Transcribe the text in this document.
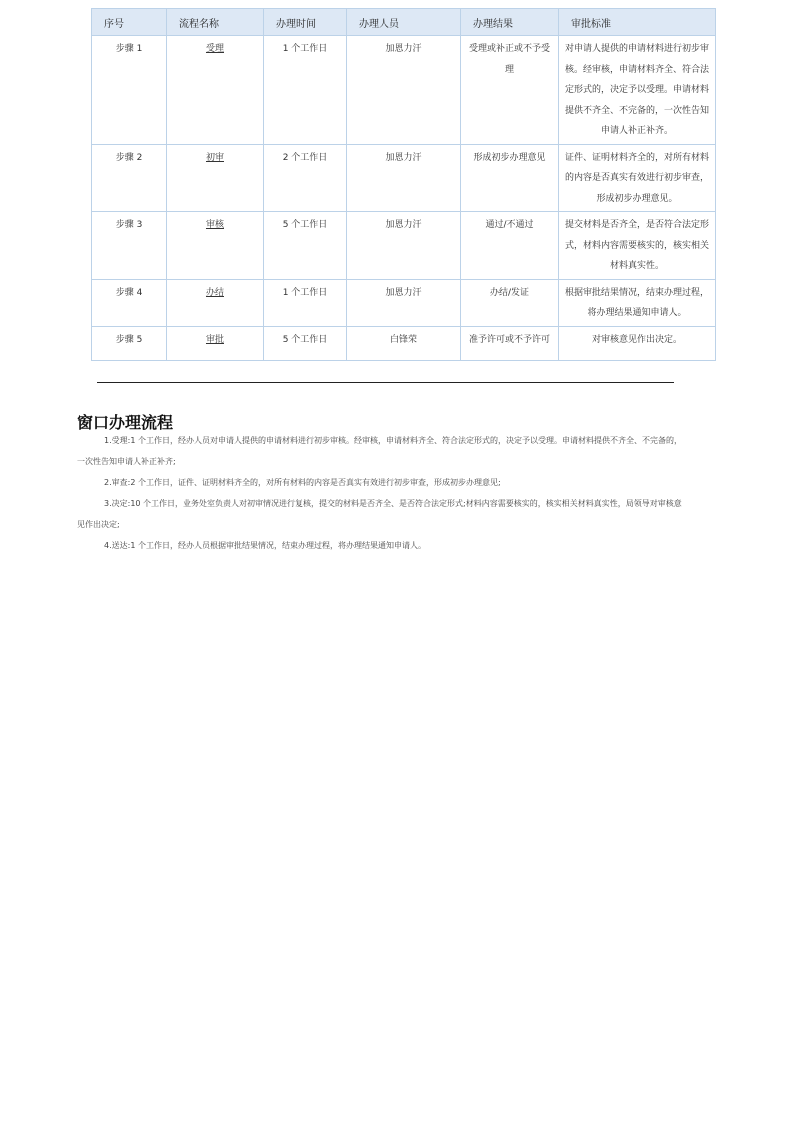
序号	流程名称	办理时间	办理人员	办理结果	审批标准
步骤 1	受理	1 个工作日	加恩力汗	受理或补正或不予受理	对申请人提供的申请材料进行初步审核。经审核，申请材料齐全、符合法定形式的，决定予以受理。申请材料提供不齐全、不完备的，一次性告知申请人补正补齐。
步骤 2	初审	2 个工作日	加恩力汗	形成初步办理意见	证件、证明材料齐全的，对所有材料的内容是否真实有效进行初步审查，形成初步办理意见。
步骤 3	审核	5 个工作日	加恩力汗	通过/不通过	提交材料是否齐全，是否符合法定形式，材料内容需要核实的，核实相关材料真实性。
步骤 4	办结	1 个工作日	加恩力汗	办结/发证	根据审批结果情况，结束办理过程，将办理结果通知申请人。
步骤 5	审批	5 个工作日	白锋荣	准予许可或不予许可	对审核意见作出决定。
窗口办理流程

1.受理:1 个工作日，经办人员对申请人提供的申请材料进行初步审核。经审核，申请材料齐全、符合法定形式的，决定予以受理。申请材料提供不齐全、不完备的，一次性告知申请人补正补齐;

2.审查:2 个工作日，证件、证明材料齐全的，对所有材料的内容是否真实有效进行初步审查，形成初步办理意见;

3.决定:10 个工作日，业务处室负责人对初审情况进行复核，提交的材料是否齐全、是否符合法定形式;材料内容需要核实的，核实相关材料真实性，局领导对审核意见作出决定;

4.送达:1 个工作日，经办人员根据审批结果情况，结束办理过程，将办理结果通知申请人。
